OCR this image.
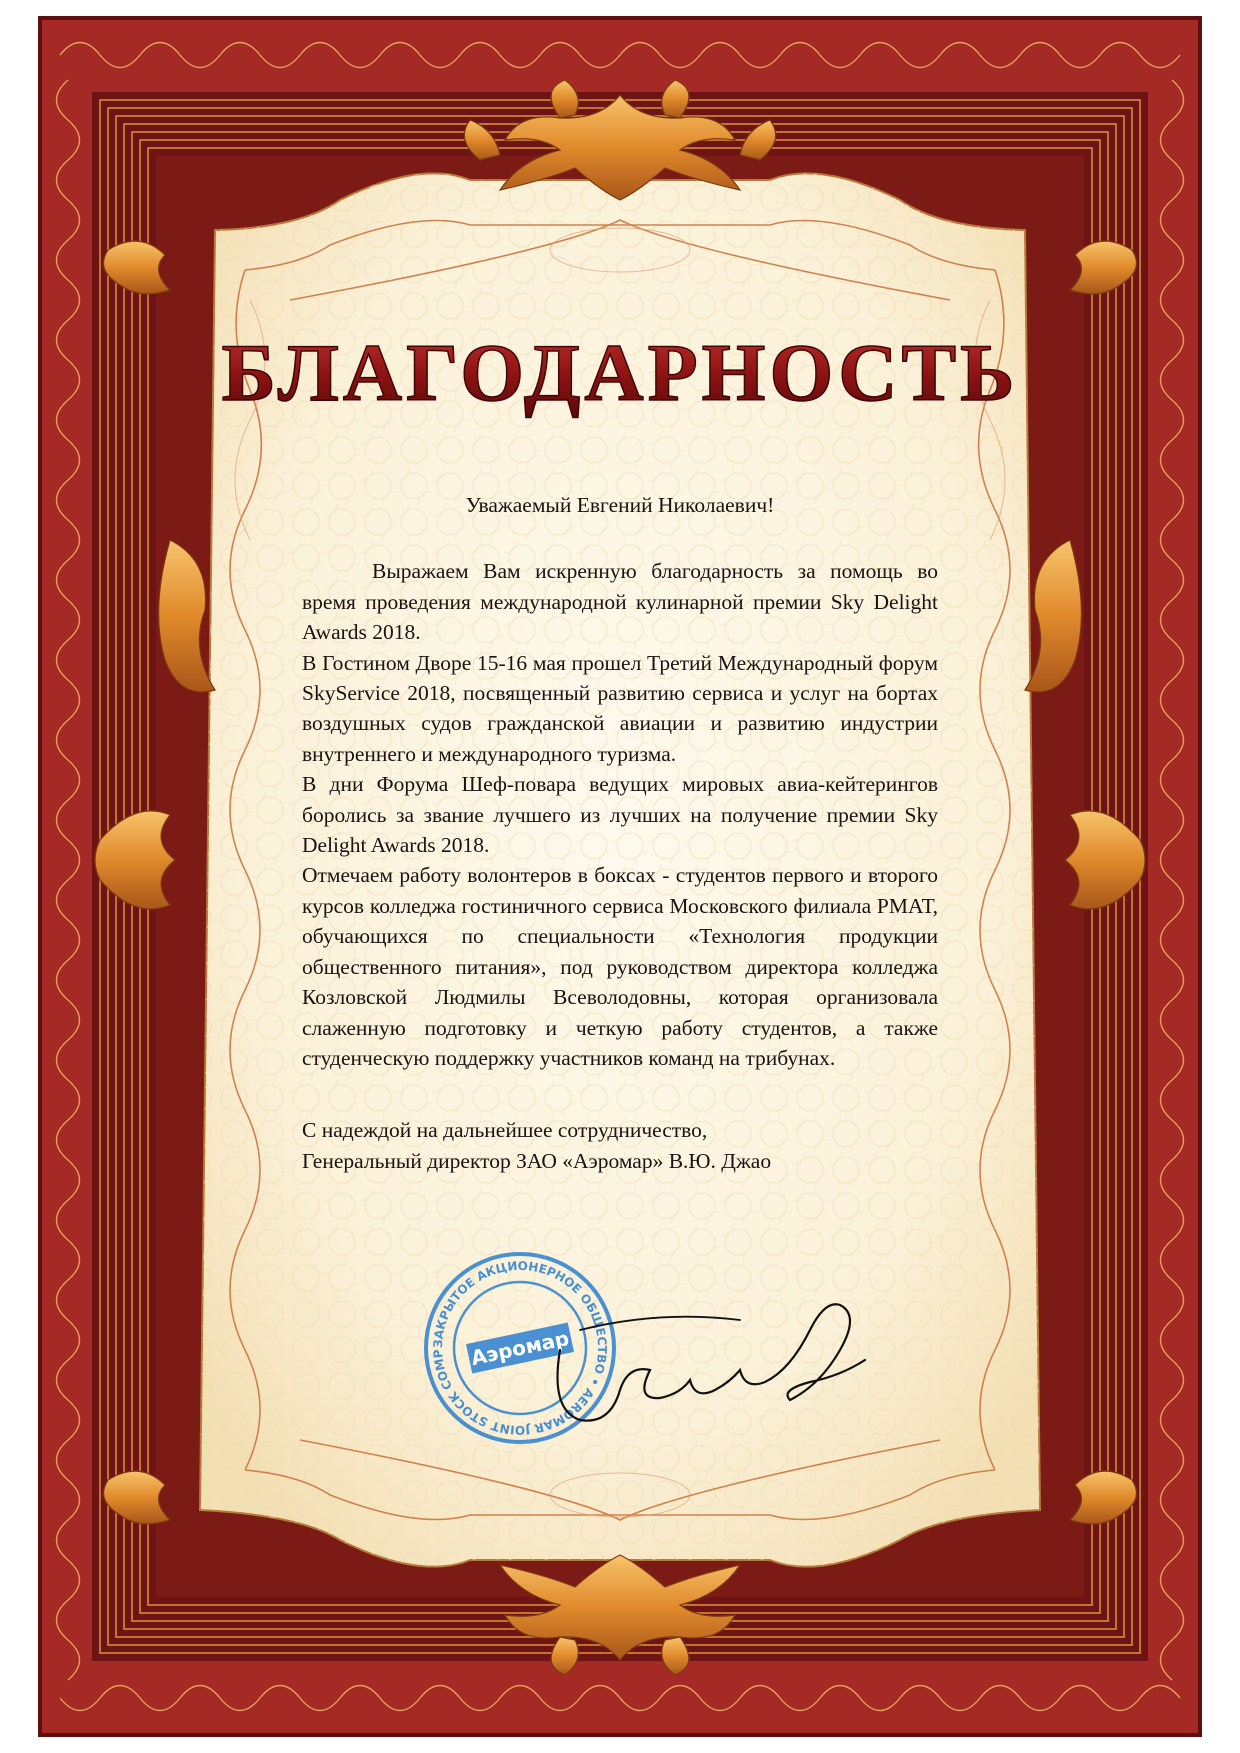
БЛАГОДАРНОСТЬ

Уважаемый Евгений Николаевич!

Выражаем Вам искренную благодарность за помощь во время проведения международной кулинарной премии Sky Delight Awards 2018.

В Гостином Дворе 15-16 мая прошел Третий Международный форум SkyService 2018, посвященный развитию сервиса и услуг на бортах воздушных судов гражданской авиации и развитию индустрии внутреннего и международного туризма.

В дни Форума Шеф-повара ведущих мировых авиа-кейтерингов боролись за звание лучшего из лучших на получение премии Sky Delight Awards 2018.

Отмечаем работу волонтеров в боксах - студентов первого и второго курсов колледжа гостиничного сервиса Московского филиала РМАТ, обучающихся по специальности «Технология продукции общественного питания», под руководством директора колледжа Козловской Людмилы Всеволодовны, которая организовала слаженную подготовку и четкую работу студентов, а также студенческую поддержку участников команд на трибунах.

С надеждой на дальнейшее сотрудничество,

Генеральный директор ЗАО «Аэромар» В.Ю. Джао

ЗАКРЫТОЕ АКЦИОНЕРНОЕ ОБЩЕСТВО • AEROMAR JOINT STOCK COMP	Аэромар
